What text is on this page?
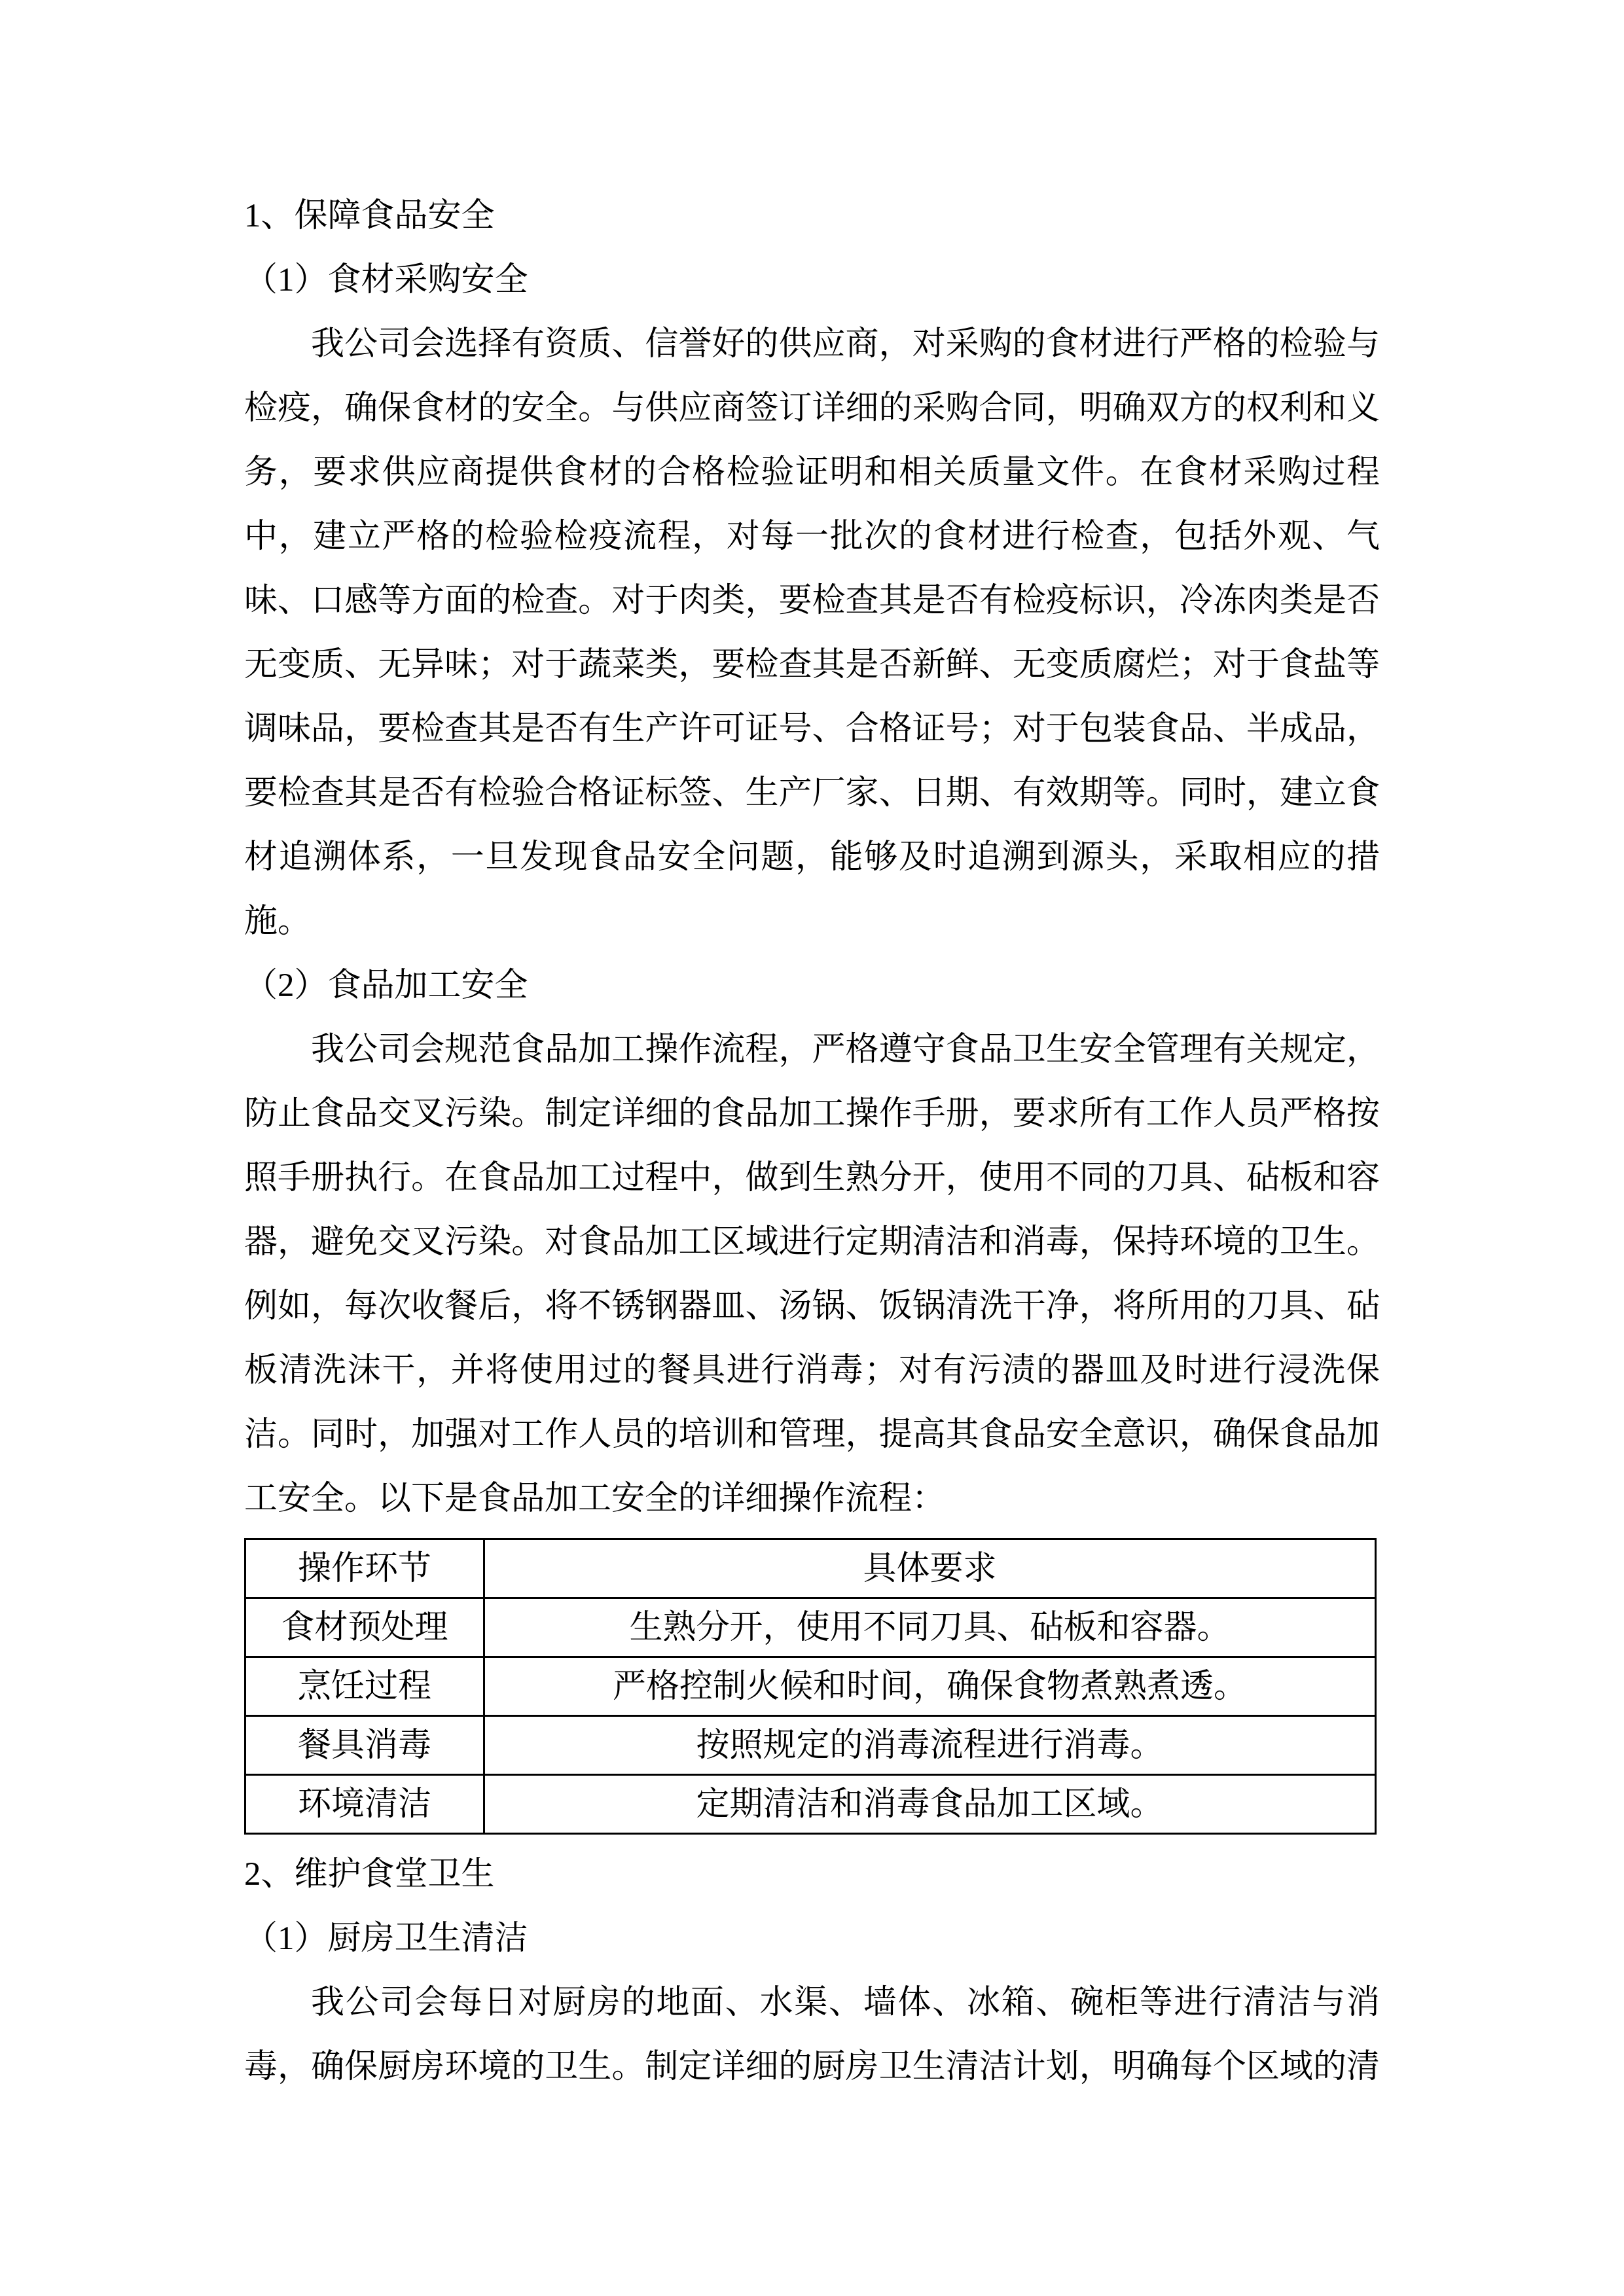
1、保障食品安全
（1）食材采购安全
我公司会选择有资质、信誉好的供应商，对采购的食材进行严格的检验与
检疫，确保食材的安全。与供应商签订详细的采购合同，明确双方的权利和义
务，要求供应商提供食材的合格检验证明和相关质量文件。在食材采购过程
中，建立严格的检验检疫流程，对每一批次的食材进行检查，包括外观、气
味、口感等方面的检查。对于肉类，要检查其是否有检疫标识，冷冻肉类是否
无变质、无异味；对于蔬菜类，要检查其是否新鲜、无变质腐烂；对于食盐等
调味品，要检查其是否有生产许可证号、合格证号；对于包装食品、半成品，
要检查其是否有检验合格证标签、生产厂家、日期、有效期等。同时，建立食
材追溯体系，一旦发现食品安全问题，能够及时追溯到源头，采取相应的措
施。
（2）食品加工安全
我公司会规范食品加工操作流程，严格遵守食品卫生安全管理有关规定，
防止食品交叉污染。制定详细的食品加工操作手册，要求所有工作人员严格按
照手册执行。在食品加工过程中，做到生熟分开，使用不同的刀具、砧板和容
器，避免交叉污染。对食品加工区域进行定期清洁和消毒，保持环境的卫生。
例如，每次收餐后，将不锈钢器皿、汤锅、饭锅清洗干净，将所用的刀具、砧
板清洗沫干，并将使用过的餐具进行消毒；对有污渍的器皿及时进行浸洗保
洁。同时，加强对工作人员的培训和管理，提高其食品安全意识，确保食品加
工安全。以下是食品加工安全的详细操作流程：
操作环节	具体要求
食材预处理	生熟分开，使用不同刀具、砧板和容器。
烹饪过程	严格控制火候和时间，确保食物煮熟煮透。
餐具消毒	按照规定的消毒流程进行消毒。
环境清洁	定期清洁和消毒食品加工区域。
2、维护食堂卫生
（1）厨房卫生清洁
我公司会每日对厨房的地面、水渠、墙体、冰箱、碗柜等进行清洁与消
毒，确保厨房环境的卫生。制定详细的厨房卫生清洁计划，明确每个区域的清
